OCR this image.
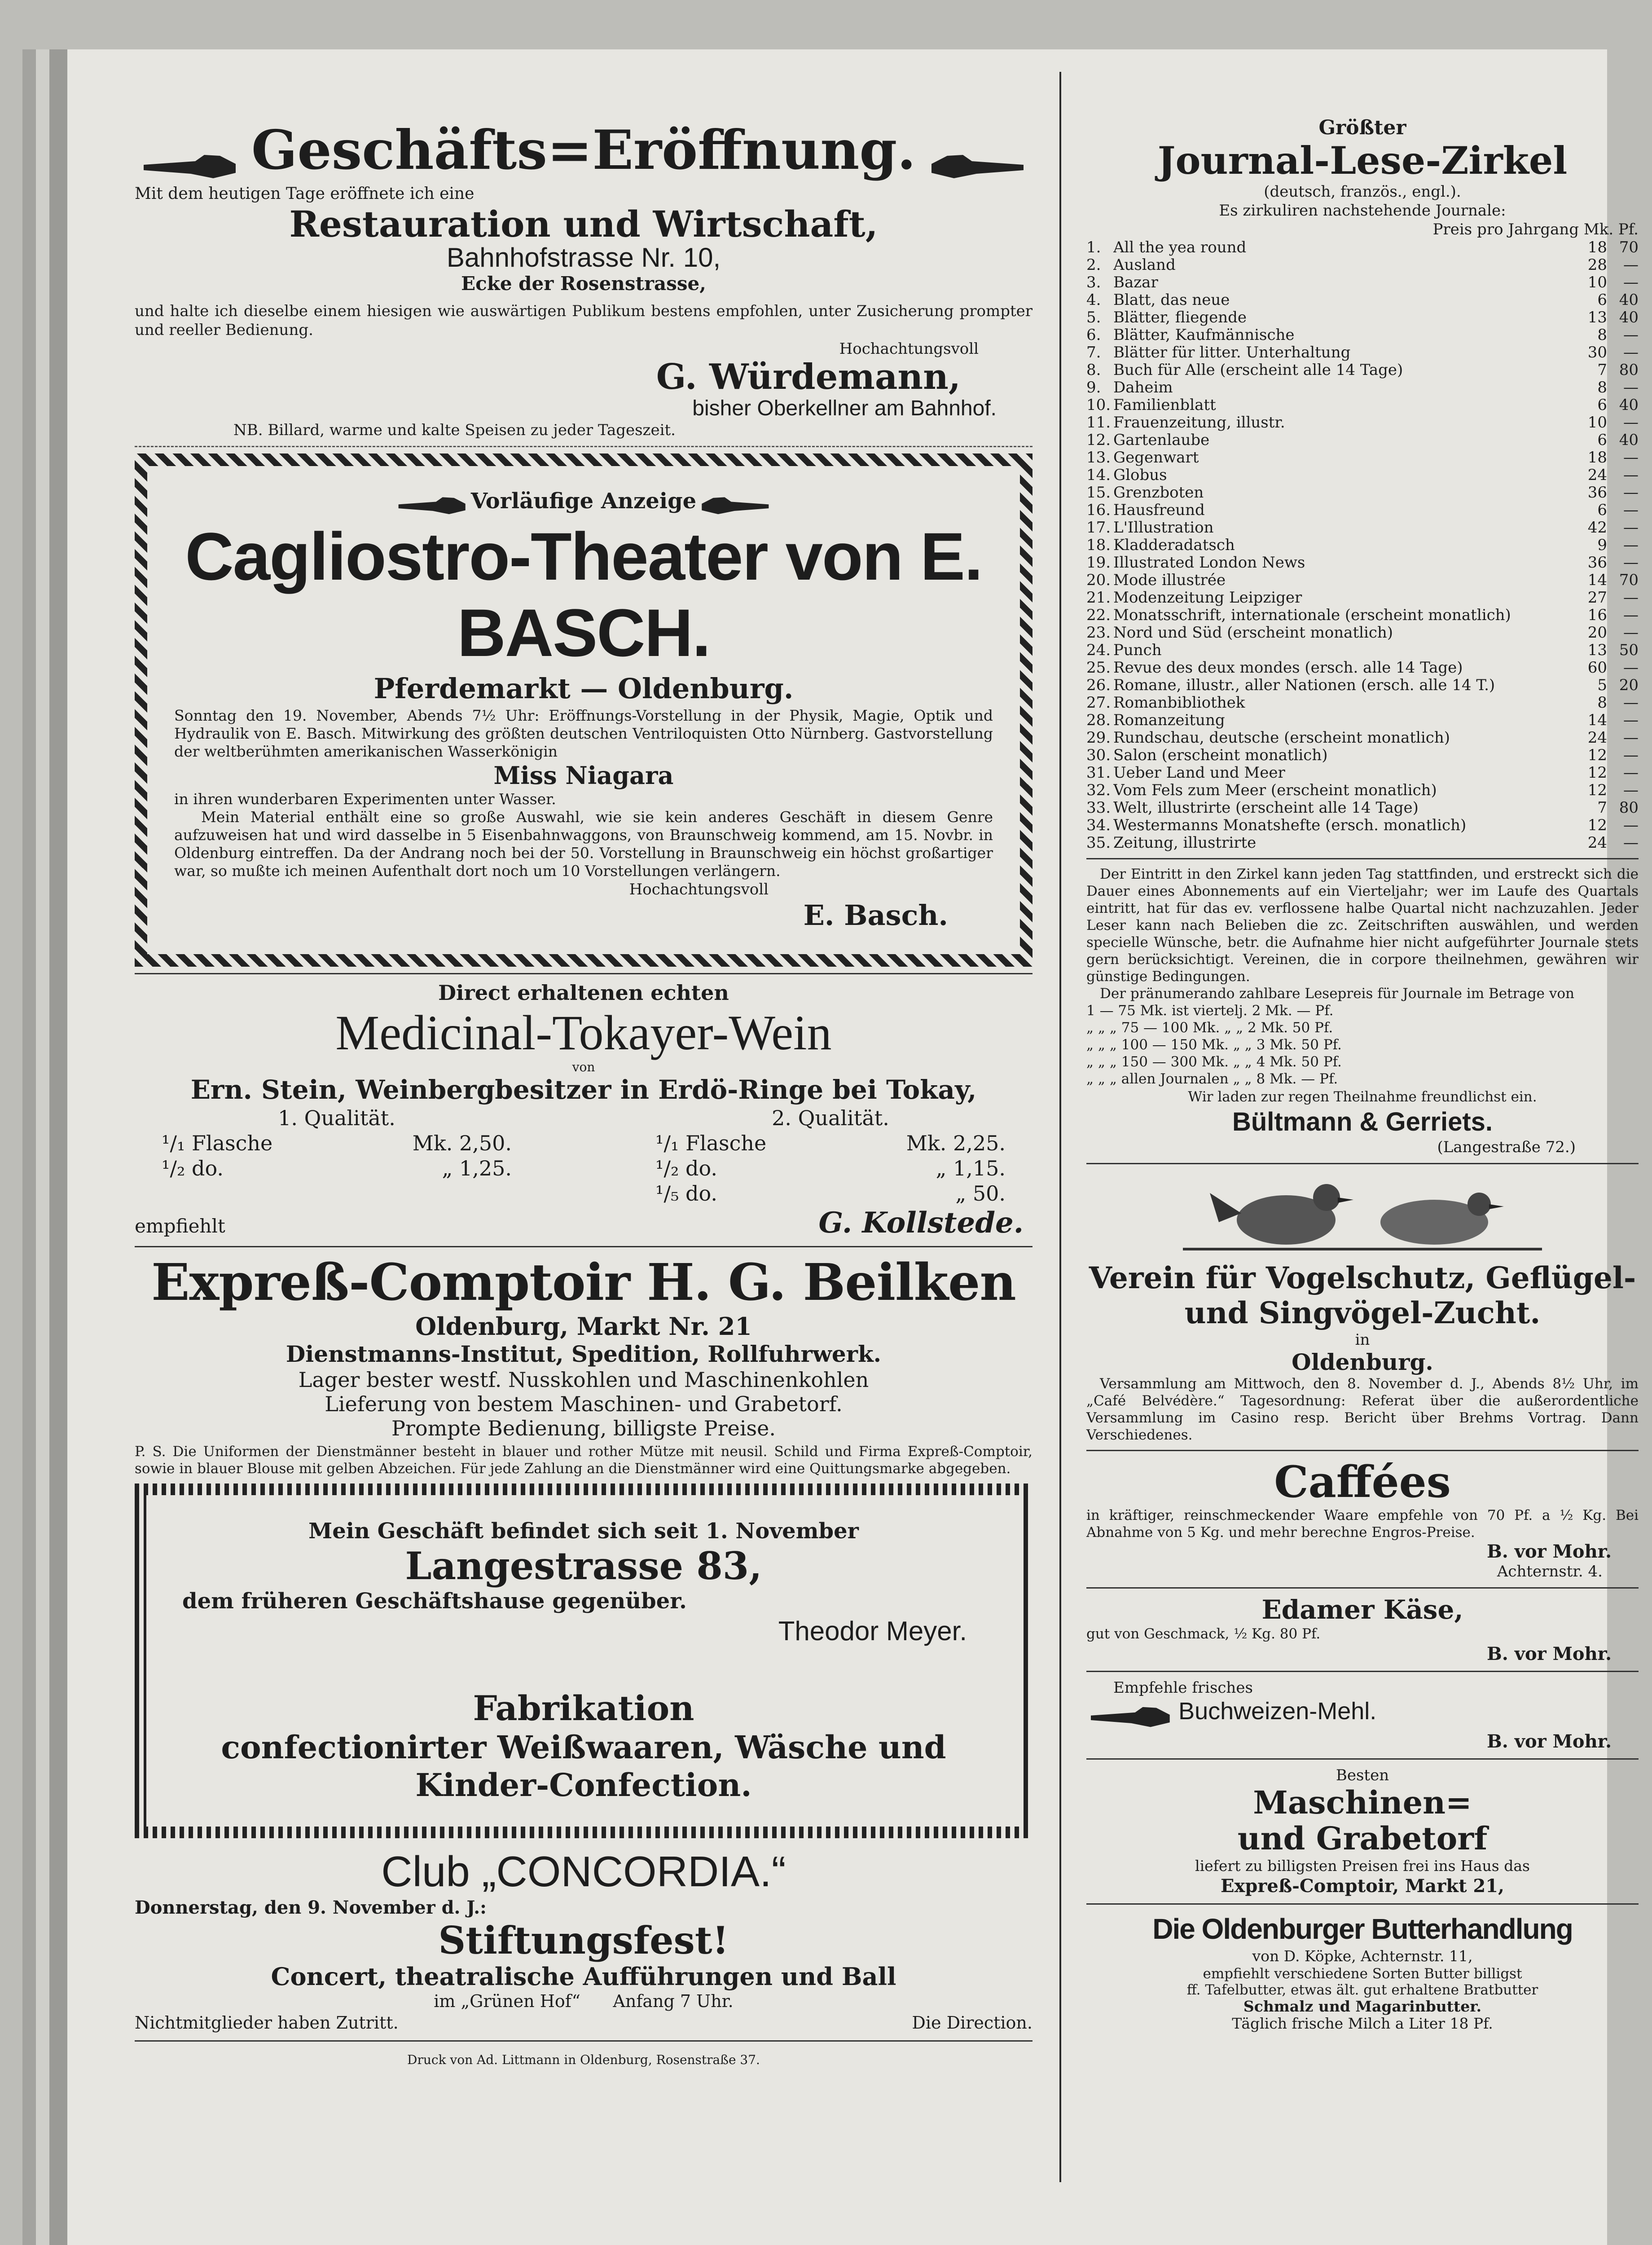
Geschäfts=Eröffnung.

Mit dem heutigen Tage eröffnete ich eine

Restauration und Wirtschaft,

Bahnhofstrasse Nr. 10,

Ecke der Rosenstrasse,

und halte ich dieselbe einem hiesigen wie auswärtigen Publikum bestens empfohlen, unter Zusicherung prompter und reeller Bedienung.

Hochachtungsvoll

G. Würdemann,

bisher Oberkellner am Bahnhof.

NB. Billard, warme und kalte Speisen zu jeder Tageszeit.

Vorläufige Anzeige

Cagliostro-Theater von E. BASCH.

Pferdemarkt — Oldenburg.

Sonntag den 19. November, Abends 7½ Uhr: Eröffnungs-Vorstellung in der Physik, Magie, Optik und Hydraulik von E. Basch. Mitwirkung des größten deutschen Ventriloquisten Otto Nürnberg. Gastvorstellung der weltberühmten amerikanischen Wasserkönigin

Miss Niagara

in ihren wunderbaren Experimenten unter Wasser.

Mein Material enthält eine so große Auswahl, wie sie kein anderes Geschäft in diesem Genre aufzuweisen hat und wird dasselbe in 5 Eisenbahnwaggons, von Braunschweig kommend, am 15. Novbr. in Oldenburg eintreffen. Da der Andrang noch bei der 50. Vorstellung in Braunschweig ein höchst großartiger war, so mußte ich meinen Aufenthalt dort noch um 10 Vorstellungen verlängern.

Hochachtungsvoll

E. Basch.

Direct erhaltenen echten

Medicinal-Tokayer-Wein

von

Ern. Stein, Weinbergbesitzer in Erdö-Ringe bei Tokay,

1. Qualität.

¹/₁ Flasche	Mk. 2,50.
¹/₂ do.	„ 1,25.

2. Qualität.

¹/₁ Flasche	Mk. 2,25.
¹/₂ do.	„ 1,15.
¹/₅ do.	„ 50.
empfiehlt	G. Kollstede.

Expreß-Comptoir H. G. Beilken

Oldenburg, Markt Nr. 21

Dienstmanns-Institut, Spedition, Rollfuhrwerk.

Lager bester westf. Nusskohlen und Maschinenkohlen

Lieferung von bestem Maschinen- und Grabetorf.

Prompte Bedienung, billigste Preise.

P. S. Die Uniformen der Dienstmänner besteht in blauer und rother Mütze mit neusil. Schild und Firma Expreß-Comptoir, sowie in blauer Blouse mit gelben Abzeichen. Für jede Zahlung an die Dienstmänner wird eine Quittungsmarke abgegeben.

Mein Geschäft befindet sich seit 1. November

Langestrasse 83,

dem früheren Geschäftshause gegenüber.

Theodor Meyer.

Fabrikation

confectionirter Weißwaaren, Wäsche und

Kinder-Confection.

Club „CONCORDIA.“

Donnerstag, den 9. November d. J.:

Stiftungsfest!

Concert, theatralische Aufführungen und Ball

im „Grünen Hof“ Anfang 7 Uhr.

Nichtmitglieder haben Zutritt.	Die Direction.

Druck von Ad. Littmann in Oldenburg, Rosenstraße 37.

Größter

Journal-Lese-Zirkel

(deutsch, französ., engl.).

Es zirkuliren nachstehende Journale:

Preis pro Jahrgang Mk. Pf.

1.	All the yea round	18	70
2.	Ausland	28	—
3.	Bazar	10	—
4.	Blatt, das neue	6	40
5.	Blätter, fliegende	13	40
6.	Blätter, Kaufmännische	8	—
7.	Blätter für litter. Unterhaltung	30	—
8.	Buch für Alle (erscheint alle 14 Tage)	7	80
9.	Daheim	8	—
10.	Familienblatt	6	40
11.	Frauenzeitung, illustr.	10	—
12.	Gartenlaube	6	40
13.	Gegenwart	18	—
14.	Globus	24	—
15.	Grenzboten	36	—
16.	Hausfreund	6	—
17.	L'Illustration	42	—
18.	Kladderadatsch	9	—
19.	Illustrated London News	36	—
20.	Mode illustrée	14	70
21.	Modenzeitung Leipziger	27	—
22.	Monatsschrift, internationale (erscheint monatlich)	16	—
23.	Nord und Süd (erscheint monatlich)	20	—
24.	Punch	13	50
25.	Revue des deux mondes (ersch. alle 14 Tage)	60	—
26.	Romane, illustr., aller Nationen (ersch. alle 14 T.)	5	20
27.	Romanbibliothek	8	—
28.	Romanzeitung	14	—
29.	Rundschau, deutsche (erscheint monatlich)	24	—
30.	Salon (erscheint monatlich)	12	—
31.	Ueber Land und Meer	12	—
32.	Vom Fels zum Meer (erscheint monatlich)	12	—
33.	Welt, illustrirte (erscheint alle 14 Tage)	7	80
34.	Westermanns Monatshefte (ersch. monatlich)	12	—
35.	Zeitung, illustrirte	24	—

Der Eintritt in den Zirkel kann jeden Tag stattfinden, und erstreckt sich die Dauer eines Abonnements auf ein Vierteljahr; wer im Laufe des Quartals eintritt, hat für das ev. verflossene halbe Quartal nicht nachzuzahlen. Jeder Leser kann nach Belieben die zc. Zeitschriften auswählen, und werden specielle Wünsche, betr. die Aufnahme hier nicht aufgeführter Journale stets gern berücksichtigt. Vereinen, die in corpore theilnehmen, gewähren wir günstige Bedingungen.

Der pränumerando zahlbare Lesepreis für Journale im Betrage von

1 — 75 Mk. ist viertelj. 2 Mk. — Pf.

„ „ „ 75 — 100 Mk. „ „ 2 Mk. 50 Pf.

„ „ „ 100 — 150 Mk. „ „ 3 Mk. 50 Pf.

„ „ „ 150 — 300 Mk. „ „ 4 Mk. 50 Pf.

„ „ „ allen Journalen „ „ 8 Mk. — Pf.

Wir laden zur regen Theilnahme freundlichst ein.

Bültmann & Gerriets.

(Langestraße 72.)

Verein für Vogelschutz, Geflügel- und Singvögel-Zucht.

in

Oldenburg.

Versammlung am Mittwoch, den 8. November d. J., Abends 8½ Uhr, im „Café Belvédère.“ Tagesordnung: Referat über die außerordentliche Versammlung im Casino resp. Bericht über Brehms Vortrag. Dann Verschiedenes.

Caffées

in kräftiger, reinschmeckender Waare empfehle von 70 Pf. a ½ Kg. Bei Abnahme von 5 Kg. und mehr berechne Engros-Preise.

B. vor Mohr.

Achternstr. 4.

Edamer Käse,

gut von Geschmack, ½ Kg. 80 Pf.

B. vor Mohr.

Empfehle frisches

Buchweizen-Mehl.

B. vor Mohr.

Besten

Maschinen=

und Grabetorf

liefert zu billigsten Preisen frei ins Haus das

Expreß-Comptoir, Markt 21,

Die Oldenburger Butterhandlung

von D. Köpke, Achternstr. 11,

empfiehlt verschiedene Sorten Butter billigst

ff. Tafelbutter, etwas ält. gut erhaltene Bratbutter

Schmalz und Magarinbutter.

Täglich frische Milch a Liter 18 Pf.
